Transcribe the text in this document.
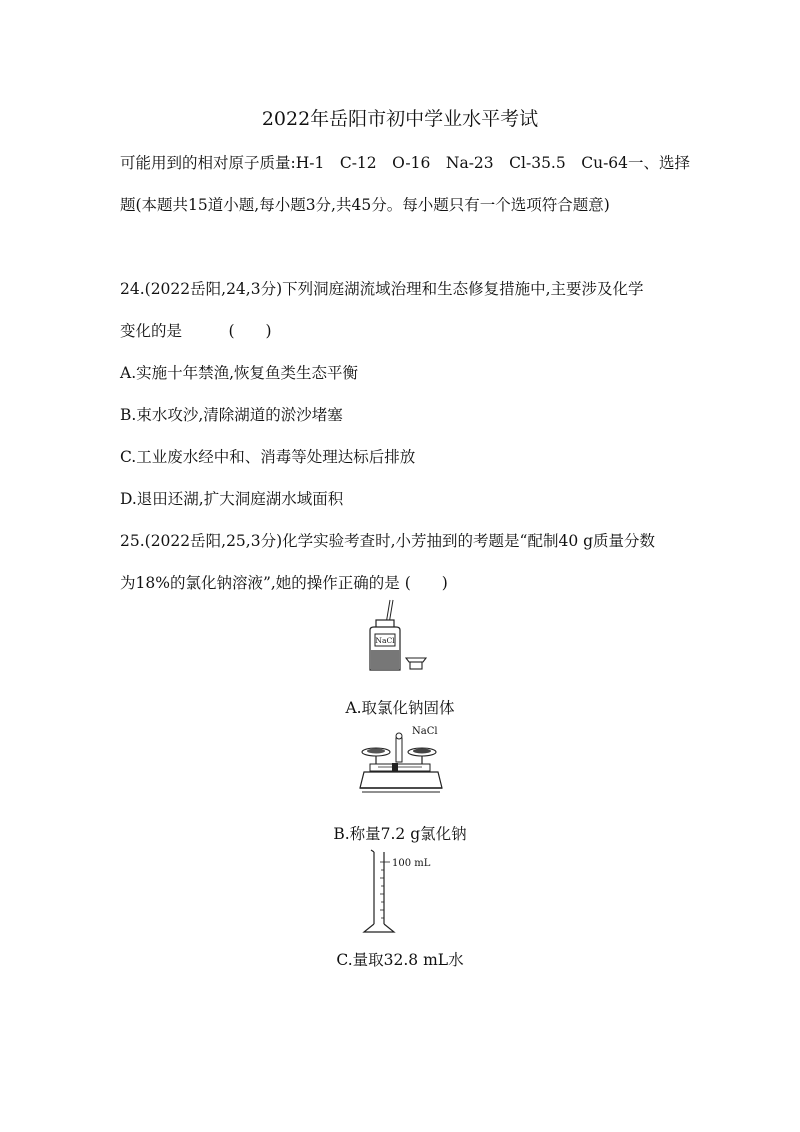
2022年岳阳市初中学业水平考试
可能用到的相对原子质量:H-1　C-12　O-16　Na-23　Cl-35.5　Cu-64一、选择
题(本题共15道小题,每小题3分,共45分。每小题只有一个选项符合题意)
24.(2022岳阳,24,3分)下列洞庭湖流域治理和生态修复措施中,主要涉及化学
变化的是　　　(　　)
A.实施十年禁渔,恢复鱼类生态平衡
B.束水攻沙,清除湖道的淤沙堵塞
C.工业废水经中和、消毒等处理达标后排放
D.退田还湖,扩大洞庭湖水域面积
25.(2022岳阳,25,3分)化学实验考查时,小芳抽到的考题是“配制40 g质量分数
为18%的氯化钠溶液”,她的操作正确的是 (　　)
NaCl
A.取氯化钠固体
NaCl
B.称量7.2 g氯化钠
100 mL
C.量取32.8 mL水
